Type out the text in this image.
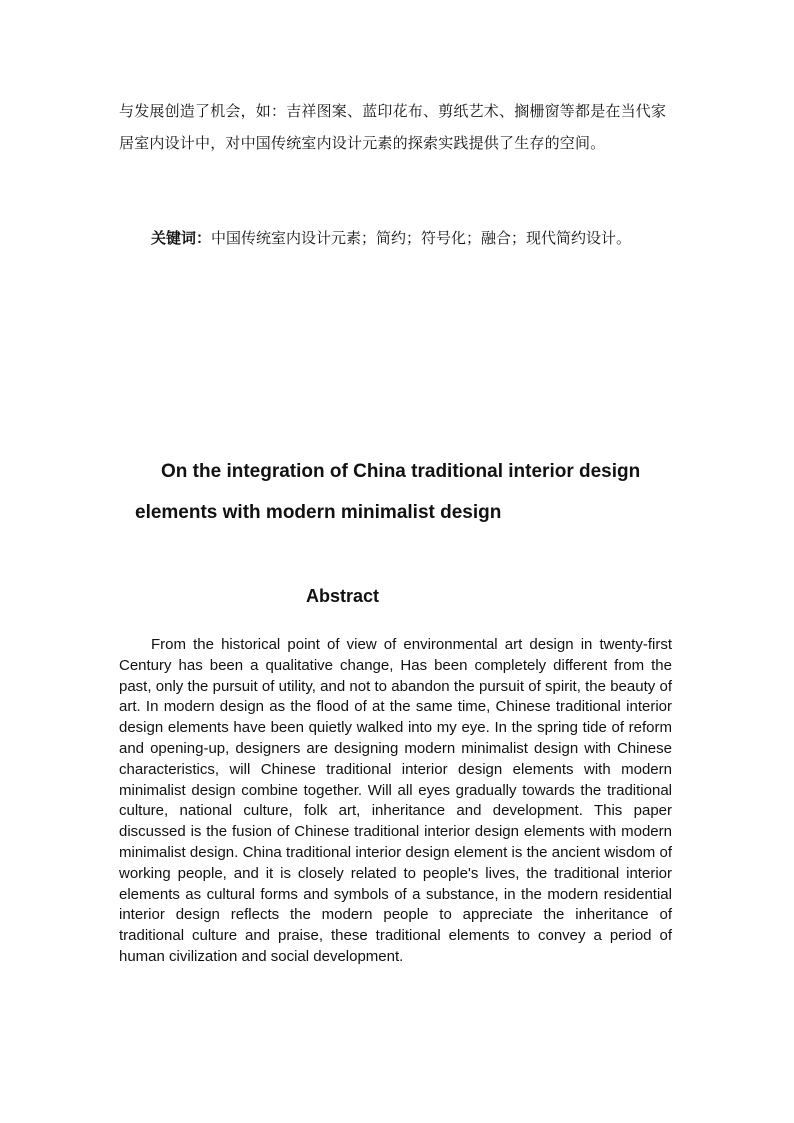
与发展创造了机会，如：吉祥图案、蓝印花布、剪纸艺术、搁栅窗等都是在当代家居室内设计中，对中国传统室内设计元素的探索实践提供了生存的空间。

关键词：中国传统室内设计元素；简约；符号化；融合；现代简约设计。

On the integration of China traditional interior design

elements with modern minimalist design

Abstract

From the historical point of view of environmental art design in twenty-first Century has been a qualitative change, Has been completely different from the past, only the pursuit of utility, and not to abandon the pursuit of spirit, the beauty of art. In modern design as the flood of at the same time, Chinese traditional interior design elements have been quietly walked into my eye. In the spring tide of reform and opening-up, designers are designing modern minimalist design with Chinese characteristics, will Chinese traditional interior design elements with modern minimalist design combine together. Will all eyes gradually towards the traditional culture, national culture, folk art, inheritance and development. This paper discussed is the fusion of Chinese traditional interior design elements with modern minimalist design. China traditional interior design element is the ancient wisdom of working people, and it is closely related to people's lives, the traditional interior elements as cultural forms and symbols of a substance, in the modern residential interior design reflects the modern people to appreciate the inheritance of traditional culture and praise, these traditional elements to convey a period of human civilization and social development.
